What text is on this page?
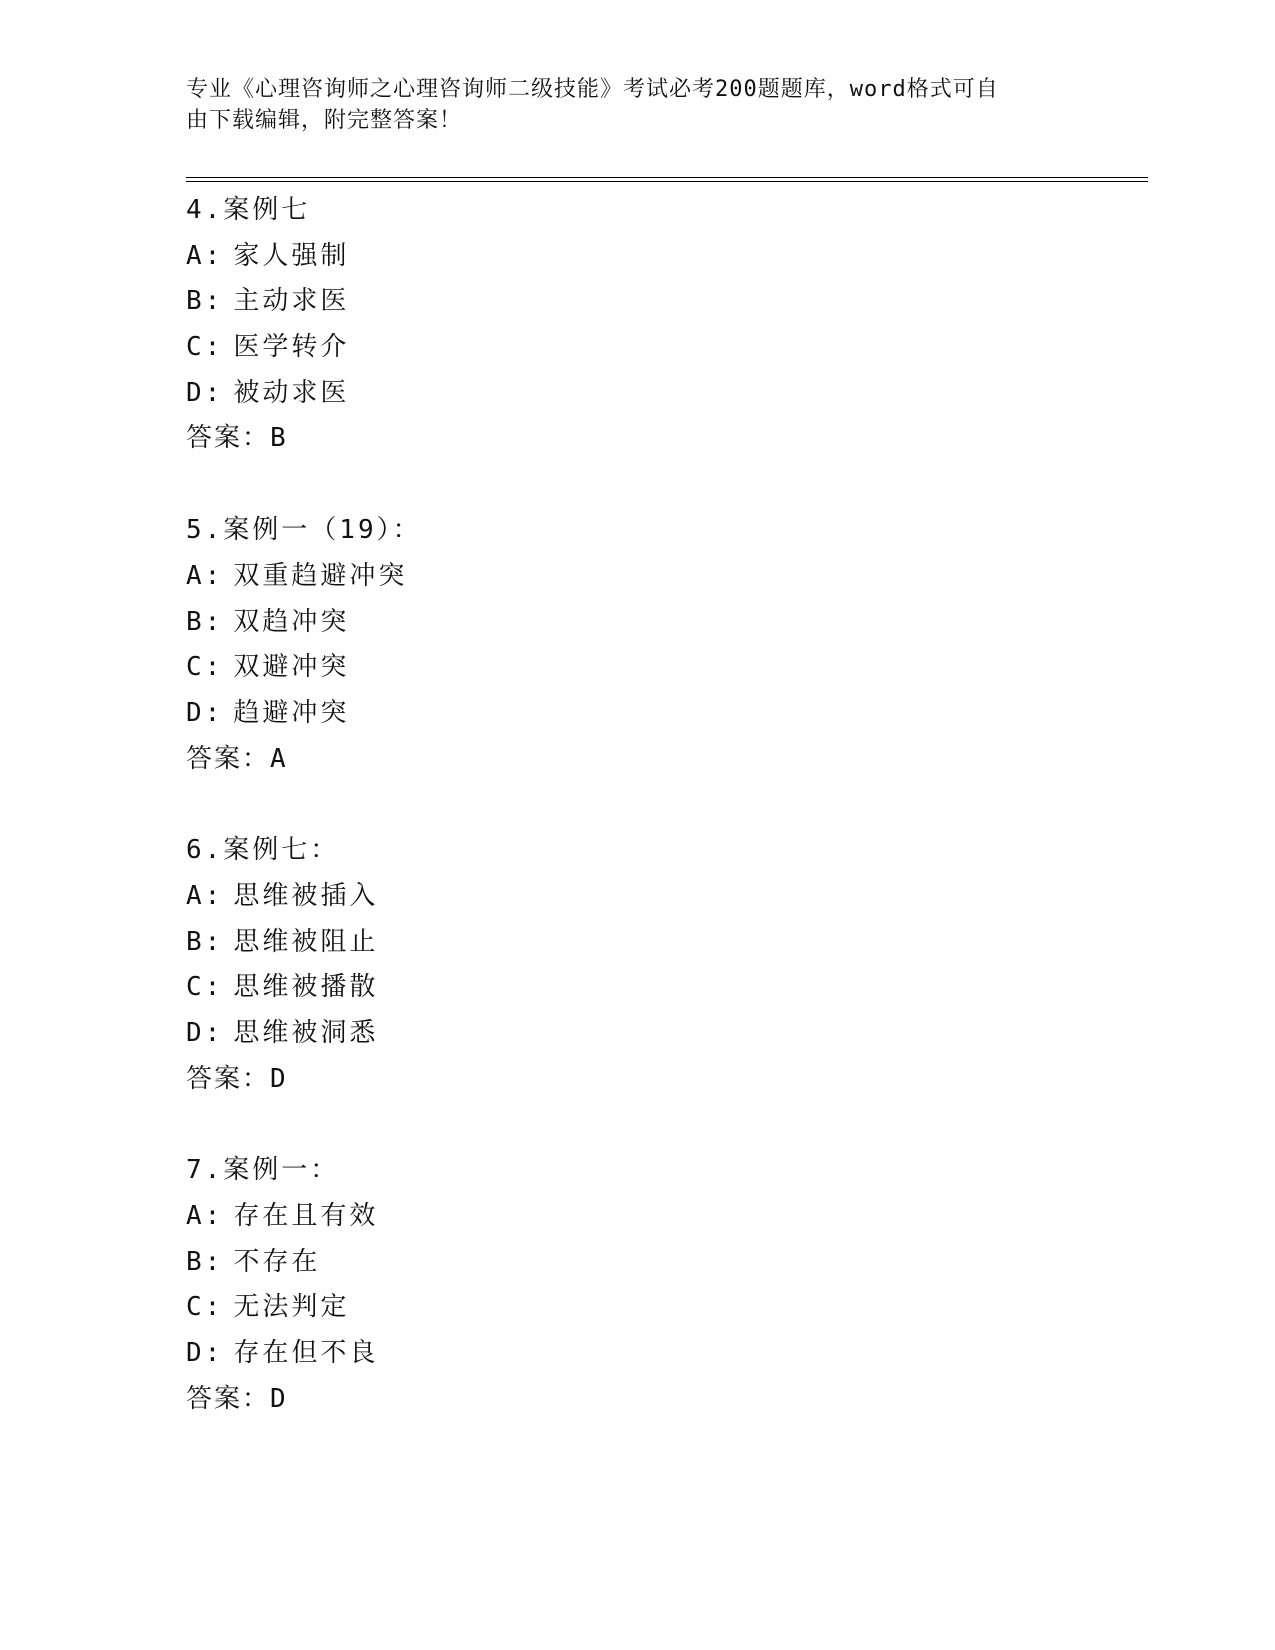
专业《心理咨询师之心理咨询师二级技能》考试必考200题题库，word格式可自
由下载编辑，附完整答案！
4.案例七
A: 家人强制
B: 主动求医
C: 医学转介
D: 被动求医
答案：B
5.案例一（19）：
A: 双重趋避冲突
B: 双趋冲突
C: 双避冲突
D: 趋避冲突
答案：A
6.案例七：
A: 思维被插入
B: 思维被阻止
C: 思维被播散
D: 思维被洞悉
答案：D
7.案例一：
A: 存在且有效
B: 不存在
C: 无法判定
D: 存在但不良
答案：D
